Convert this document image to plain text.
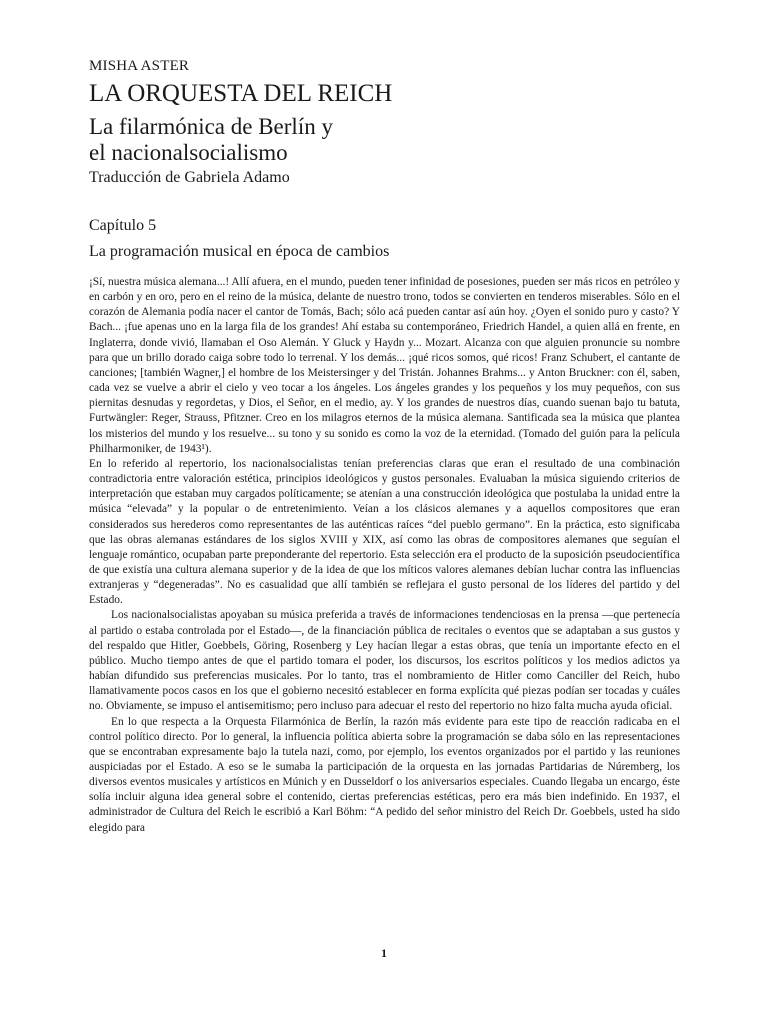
MISHA ASTER

LA ORQUESTA DEL REICH
La filarmónica de Berlín y
el nacionalsocialismo

Traducción de Gabriela Adamo

Capítulo 5

La programación musical en época de cambios

¡Sí, nuestra música alemana...! Allí afuera, en el mundo, pueden tener infinidad de posesiones, pueden ser más ricos en petróleo y en carbón y en oro, pero en el reino de la música, delante de nuestro trono, todos se convierten en tenderos miserables. Sólo en el corazón de Alemania podía nacer el cantor de Tomás, Bach; sólo acá pueden cantar así aún hoy. ¿Oyen el sonido puro y casto? Y Bach... ¡fue apenas uno en la larga fila de los grandes! Ahí estaba su contemporáneo, Friedrich Handel, a quien allá en frente, en Inglaterra, donde vivió, llamaban el Oso Alemán. Y Gluck y Haydn y... Mozart. Alcanza con que alguien pronuncie su nombre para que un brillo dorado caiga sobre todo lo terrenal. Y los demás... ¡qué ricos somos, qué ricos! Franz Schubert, el cantante de canciones; [también Wagner,] el hombre de los Meistersinger y del Tristán. Johannes Brahms... y Anton Bruckner: con él, saben, cada vez se vuelve a abrir el cielo y veo tocar a los ángeles. Los ángeles grandes y los pequeños y los muy pequeños, con sus piernitas desnudas y regordetas, y Dios, el Señor, en el medio, ay. Y los grandes de nuestros días, cuando suenan bajo tu batuta, Furtwängler: Reger, Strauss, Pfitzner. Creo en los milagros eternos de la música alemana. Santificada sea la música que plantea los misterios del mundo y los resuelve... su tono y su sonido es como la voz de la eternidad. (Tomado del guión para la película Philharmoniker, de 1943¹).

En lo referido al repertorio, los nacionalsocialistas tenían preferencias claras que eran el resultado de una combinación contradictoria entre valoración estética, principios ideológicos y gustos personales. Evaluaban la música siguiendo criterios de interpretación que estaban muy cargados políticamente; se atenían a una construcción ideológica que postulaba la unidad entre la música “elevada” y la popular o de entretenimiento. Veían a los clásicos alemanes y a aquellos compositores que eran considerados sus herederos como representantes de las auténticas raíces “del pueblo germano”. En la práctica, esto significaba que las obras alemanas estándares de los siglos XVIII y XIX, así como las obras de compositores alemanes que seguían el lenguaje romántico, ocupaban parte preponderante del repertorio. Esta selección era el producto de la suposición pseudocientífica de que existía una cultura alemana superior y de la idea de que los míticos valores alemanes debían luchar contra las influencias extranjeras y “degeneradas”. No es casualidad que allí también se reflejara el gusto personal de los líderes del partido y del Estado.

Los nacionalsocialistas apoyaban su música preferida a través de informaciones tendenciosas en la prensa —que pertenecía al partido o estaba controlada por el Estado—, de la financiación pública de recitales o eventos que se adaptaban a sus gustos y del respaldo que Hitler, Goebbels, Göring, Rosenberg y Ley hacían llegar a estas obras, que tenía un importante efecto en el público. Mucho tiempo antes de que el partido tomara el poder, los discursos, los escritos políticos y los medios adictos ya habían difundido sus preferencias musicales. Por lo tanto, tras el nombramiento de Hitler como Canciller del Reich, hubo llamativamente pocos casos en los que el gobierno necesitó establecer en forma explícita qué piezas podían ser tocadas y cuáles no. Obviamente, se impuso el antisemitismo; pero incluso para adecuar el resto del repertorio no hizo falta mucha ayuda oficial.

En lo que respecta a la Orquesta Filarmónica de Berlín, la razón más evidente para este tipo de reacción radicaba en el control político directo. Por lo general, la influencia política abierta sobre la programación se daba sólo en las representaciones que se encontraban expresamente bajo la tutela nazi, como, por ejemplo, los eventos organizados por el partido y las reuniones auspiciadas por el Estado. A eso se le sumaba la participación de la orquesta en las jornadas Partidarias de Núremberg, los diversos eventos musicales y artísticos en Múnich y en Dusseldorf o los aniversarios especiales. Cuando llegaba un encargo, éste solía incluir alguna idea general sobre el contenido, ciertas preferencias estéticas, pero era más bien indefinido. En 1937, el administrador de Cultura del Reich le escribió a Karl Böhm: “A pedido del señor ministro del Reich Dr. Goebbels, usted ha sido elegido para

1
